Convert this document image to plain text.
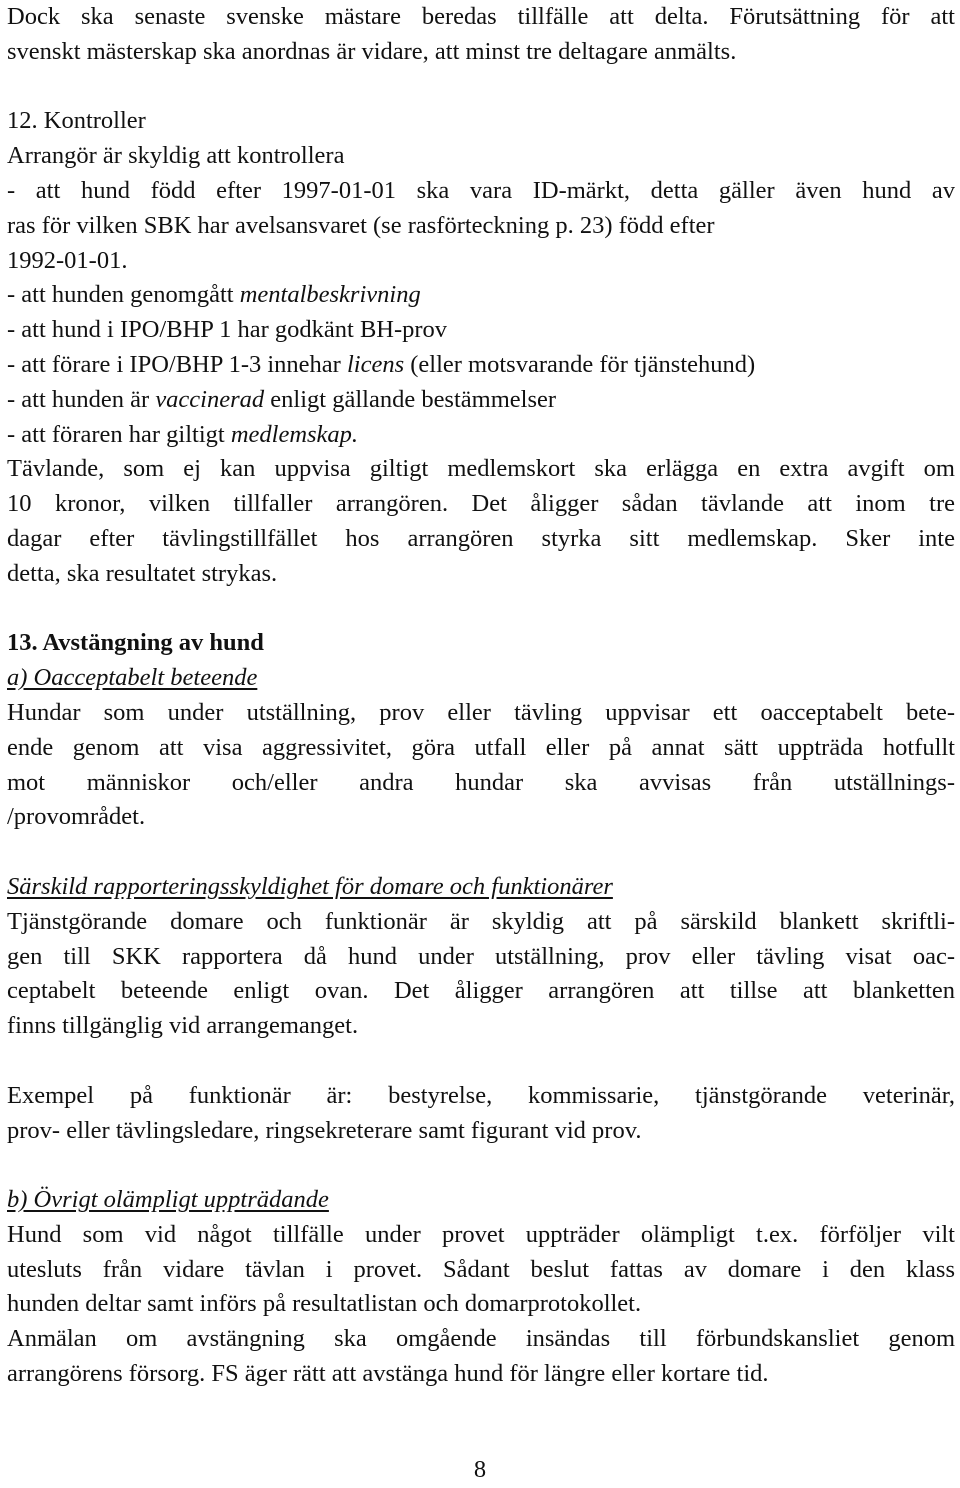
Dock ska senaste svenske mästare beredas tillfälle att delta. Förutsättning för att
svenskt mästerskap ska anordnas är vidare, att minst tre deltagare anmälts.
12. Kontroller
Arrangör är skyldig att kontrollera
- att hund född efter 1997-01-01 ska vara ID-märkt, detta gäller även hund av
ras för vilken SBK har avelsansvaret (se rasförteckning p. 23) född efter
1992-01-01.
- att hunden genomgått mentalbeskrivning
- att hund i IPO/BHP 1 har godkänt BH-prov
- att förare i IPO/BHP 1-3 innehar licens (eller motsvarande för tjänstehund)
- att hunden är vaccinerad enligt gällande bestämmelser
- att föraren har giltigt medlemskap.
Tävlande, som ej kan uppvisa giltigt medlemskort ska erlägga en extra avgift om
10 kronor, vilken tillfaller arrangören. Det åligger sådan tävlande att inom tre
dagar efter tävlingstillfället hos arrangören styrka sitt medlemskap. Sker inte
detta, ska resultatet strykas.
13. Avstängning av hund
a) Oacceptabelt beteende
Hundar som under utställning, prov eller tävling uppvisar ett oacceptabelt bete-
ende genom att visa aggressivitet, göra utfall eller på annat sätt uppträda hotfullt
mot människor och/eller andra hundar ska avvisas från utställnings-
/provområdet.
Särskild rapporteringsskyldighet för domare och funktionärer
Tjänstgörande domare och funktionär är skyldig att på särskild blankett skriftli-
gen till SKK rapportera då hund under utställning, prov eller tävling visat oac-
ceptabelt beteende enligt ovan. Det åligger arrangören att tillse att blanketten
finns tillgänglig vid arrangemanget.
Exempel på funktionär är: bestyrelse, kommissarie, tjänstgörande veterinär,
prov- eller tävlingsledare, ringsekreterare samt figurant vid prov.
b) Övrigt olämpligt uppträdande
Hund som vid något tillfälle under provet uppträder olämpligt t.ex. förföljer vilt
utesluts från vidare tävlan i provet. Sådant beslut fattas av domare i den klass
hunden deltar samt införs på resultatlistan och domarprotokollet.
Anmälan om avstängning ska omgående insändas till förbundskansliet genom
arrangörens försorg. FS äger rätt att avstänga hund för längre eller kortare tid.
8
